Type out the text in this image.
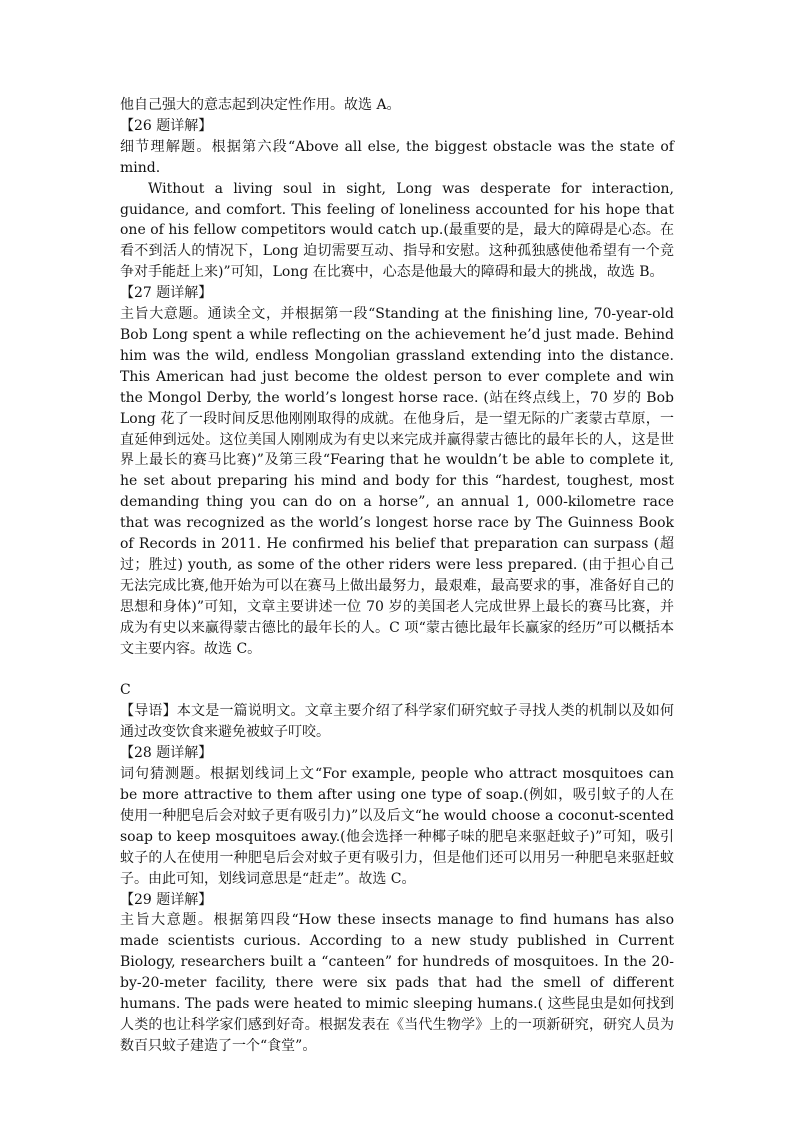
他自己强大的意志起到决定性作用。故选 A。
【26 题详解】
细节理解题。根据第六段“Above all else, the biggest obstacle was the state of mind.
Without a living soul in sight, Long was desperate for interaction, guidance, and comfort. This feeling of loneliness accounted for his hope that one of his fellow competitors would catch up.(最重要的是，最大的障碍是心态。在看不到活人的情况下，Long 迫切需要互动、指导和安慰。这种孤独感使他希望有一个竞争对手能赶上来)”可知，Long 在比赛中，心态是他最大的障碍和最大的挑战，故选 B。
【27 题详解】
主旨大意题。通读全文，并根据第一段“Standing at the finishing line, 70-year-old Bob Long spent a while reflecting on the achievement he’d just made. Behind him was the wild, endless Mongolian grassland extending into the distance. This American had just become the oldest person to ever complete and win the Mongol Derby, the world’s longest horse race. (站在终点线上，70 岁的 Bob Long 花了一段时间反思他刚刚取得的成就。在他身后，是一望无际的广袤蒙古草原，一直延伸到远处。这位美国人刚刚成为有史以来完成并赢得蒙古德比的最年长的人，这是世界上最长的赛马比赛)”及第三段“Fearing that he wouldn’t be able to complete it, he set about preparing his mind and body for this “hardest, toughest, most demanding thing you can do on a horse”, an annual 1, 000-kilometre race that was recognized as the world’s longest horse race by The Guinness Book of Records in 2011. He confirmed his belief that preparation can surpass (超过；胜过) youth, as some of the other riders were less prepared. (由于担心自己无法完成比赛,他开始为可以在赛马上做出最努力，最艰难，最高要求的事，准备好自己的思想和身体)”可知，文章主要讲述一位 70 岁的美国老人完成世界上最长的赛马比赛，并成为有史以来赢得蒙古德比的最年长的人。C 项“蒙古德比最年长赢家的经历”可以概括本文主要内容。故选 C。
C
【导语】本文是一篇说明文。文章主要介绍了科学家们研究蚊子寻找人类的机制以及如何通过改变饮食来避免被蚊子叮咬。
【28 题详解】
词句猜测题。根据划线词上文“For example, people who attract mosquitoes can be more attractive to them after using one type of soap.(例如，吸引蚊子的人在使用一种肥皂后会对蚊子更有吸引力)”以及后文“he would choose a coconut-scented soap to keep mosquitoes away.(他会选择一种椰子味的肥皂来驱赶蚊子)”可知，吸引蚊子的人在使用一种肥皂后会对蚊子更有吸引力，但是他们还可以用另一种肥皂来驱赶蚊子。由此可知，划线词意思是“赶走”。故选 C。
【29 题详解】
主旨大意题。根据第四段“How these insects manage to find humans has also made scientists curious. According to a new study published in Current Biology, researchers built a “canteen” for hundreds of mosquitoes. In the 20-by-20-meter facility, there were six pads that had the smell of different humans. The pads were heated to mimic sleeping humans.( 这些昆虫是如何找到人类的也让科学家们感到好奇。根据发表在《当代生物学》上的一项新研究，研究人员为数百只蚊子建造了一个“食堂”。
